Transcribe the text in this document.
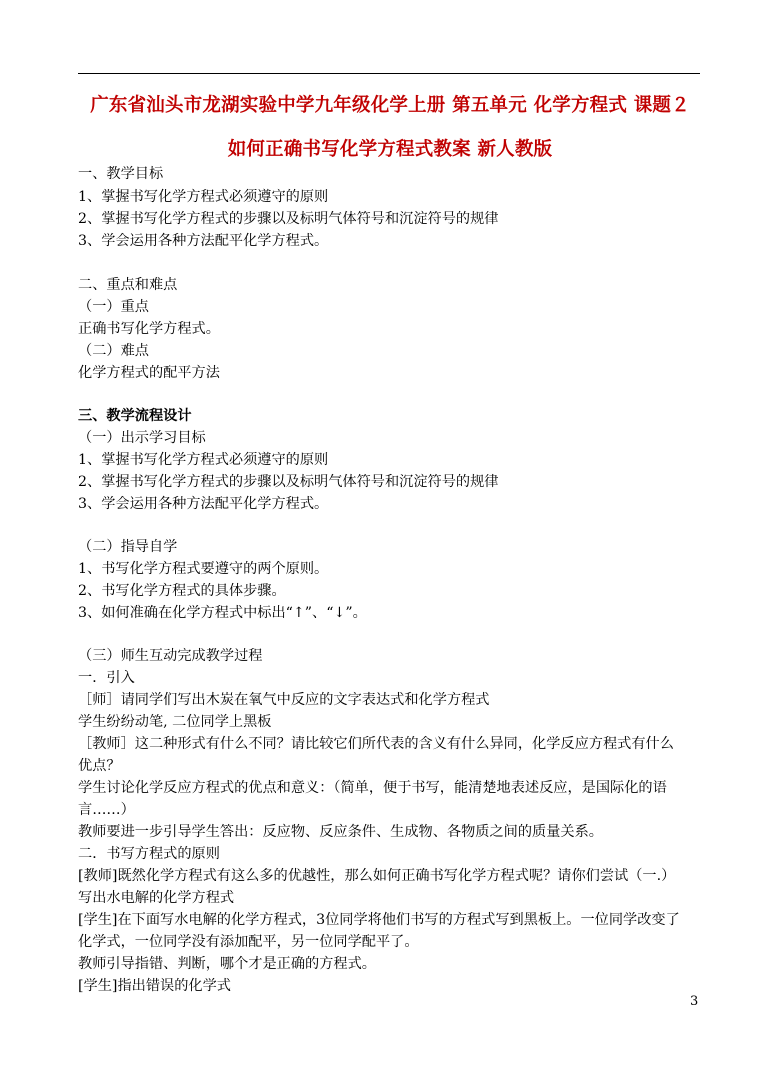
广东省汕头市龙湖实验中学九年级化学上册 第五单元 化学方程式 课题２
如何正确书写化学方程式教案 新人教版
一、教学目标
1、掌握书写化学方程式必须遵守的原则
2、掌握书写化学方程式的步骤以及标明气体符号和沉淀符号的规律
3、学会运用各种方法配平化学方程式。
二、重点和难点
（一）重点
正确书写化学方程式。
（二）难点
化学方程式的配平方法
三、教学流程设计
（一）出示学习目标
1、掌握书写化学方程式必须遵守的原则
2、掌握书写化学方程式的步骤以及标明气体符号和沉淀符号的规律
3、学会运用各种方法配平化学方程式。
（二）指导自学
1、书写化学方程式要遵守的两个原则。
2、书写化学方程式的具体步骤。
3、如何准确在化学方程式中标出“↑”、“↓”。
（三）师生互动完成教学过程
一．引入
［师］请同学们写出木炭在氧气中反应的文字表达式和化学方程式
学生纷纷动笔, 二位同学上黑板
［教师］这二种形式有什么不同？请比较它们所代表的含义有什么异同，化学反应方程式有什么
优点？
学生讨论化学反应方程式的优点和意义：（简单，便于书写，能清楚地表述反应，是国际化的语
言……）
教师要进一步引导学生答出：反应物、反应条件、生成物、各物质之间的质量关系。
二．书写方程式的原则
[教师]既然化学方程式有这么多的优越性，那么如何正确书写化学方程式呢？请你们尝试（一.）
写出水电解的化学方程式
[学生]在下面写水电解的化学方程式，3位同学将他们书写的方程式写到黑板上。一位同学改变了
化学式，一位同学没有添加配平，另一位同学配平了。
教师引导指错、判断，哪个才是正确的方程式。
[学生]指出错误的化学式
3
